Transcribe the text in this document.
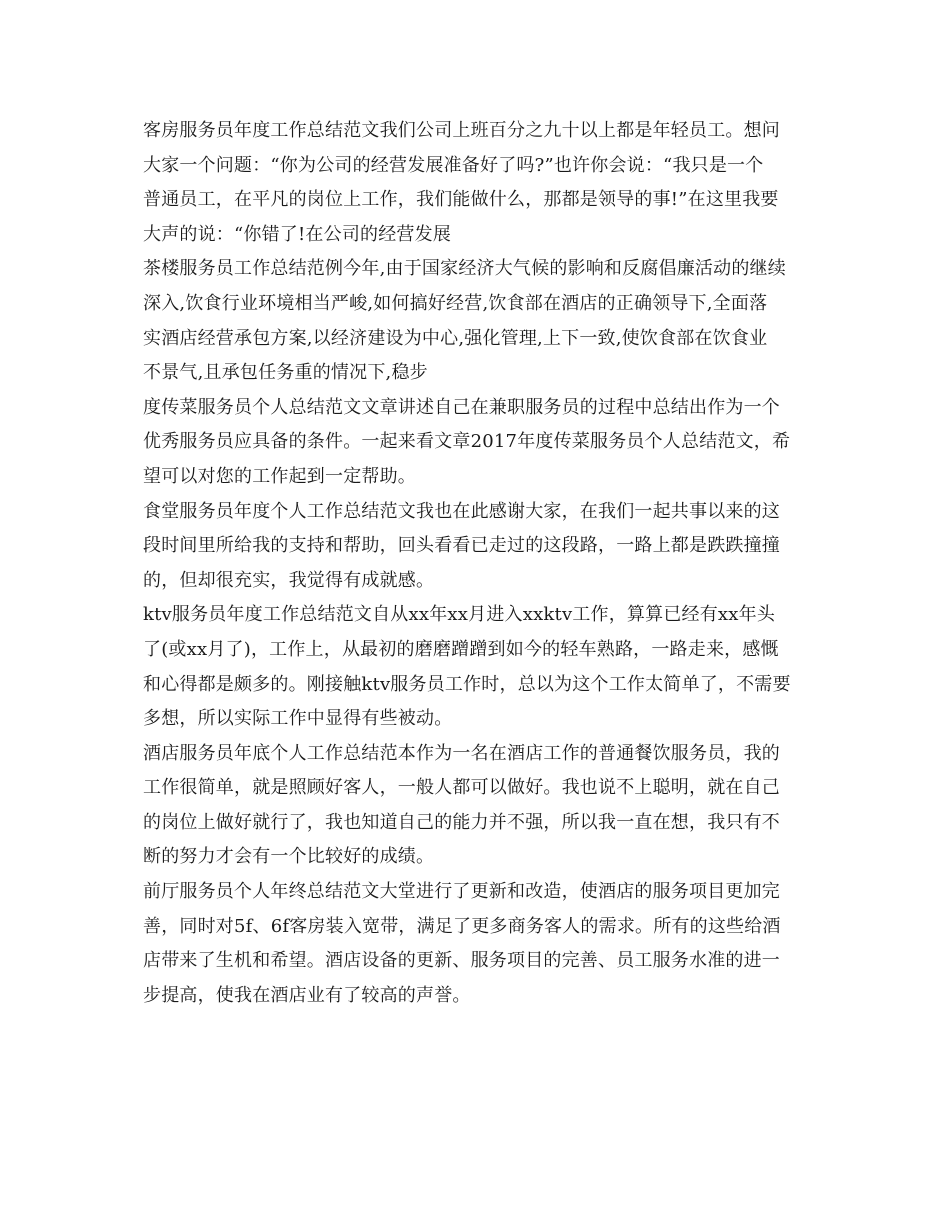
客房服务员年度工作总结范文我们公司上班百分之九十以上都是年轻员工。想问
大家一个问题：“你为公司的经营发展准备好了吗?”也许你会说：“我只是一个
普通员工，在平凡的岗位上工作，我们能做什么，那都是领导的事!”在这里我要
大声的说：“你错了!在公司的经营发展

茶楼服务员工作总结范例今年,由于国家经济大气候的影响和反腐倡廉活动的继续
深入,饮食行业环境相当严峻,如何搞好经营,饮食部在酒店的正确领导下,全面落
实酒店经营承包方案,以经济建设为中心,强化管理,上下一致,使饮食部在饮食业
不景气,且承包任务重的情况下,稳步

度传菜服务员个人总结范文文章讲述自己在兼职服务员的过程中总结出作为一个
优秀服务员应具备的条件。一起来看文章2017年度传菜服务员个人总结范文，希
望可以对您的工作起到一定帮助。

食堂服务员年度个人工作总结范文我也在此感谢大家，在我们一起共事以来的这
段时间里所给我的支持和帮助，回头看看已走过的这段路，一路上都是跌跌撞撞
的，但却很充实，我觉得有成就感。

ktv服务员年度工作总结范文自从xx年xx月进入xxktv工作，算算已经有xx年头
了(或xx月了)，工作上，从最初的磨磨蹭蹭到如今的轻车熟路，一路走来，感慨
和心得都是颇多的。刚接触ktv服务员工作时，总以为这个工作太简单了，不需要
多想，所以实际工作中显得有些被动。

酒店服务员年底个人工作总结范本作为一名在酒店工作的普通餐饮服务员，我的
工作很简单，就是照顾好客人，一般人都可以做好。我也说不上聪明，就在自己
的岗位上做好就行了，我也知道自己的能力并不强，所以我一直在想，我只有不
断的努力才会有一个比较好的成绩。

前厅服务员个人年终总结范文大堂进行了更新和改造，使酒店的服务项目更加完
善，同时对5f、6f客房装入宽带，满足了更多商务客人的需求。所有的这些给酒
店带来了生机和希望。酒店设备的更新、服务项目的完善、员工服务水准的进一
步提高，使我在酒店业有了较高的声誉。
